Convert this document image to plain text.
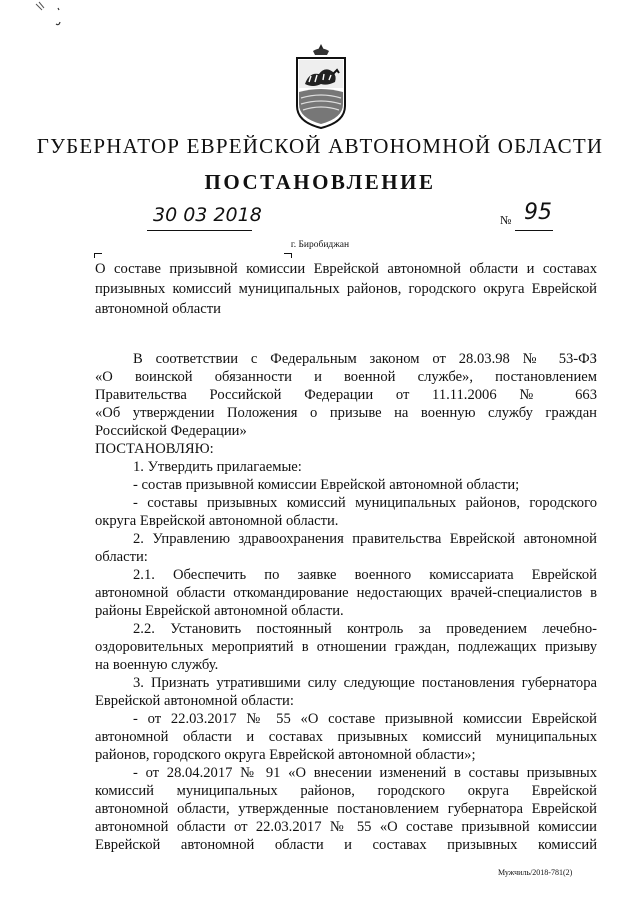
ГУБЕРНАТОР ЕВРЕЙСКОЙ АВТОНОМНОЙ ОБЛАСТИ
ПОСТАНОВЛЕНИЕ
30 03 2018	№ 95
г. Биробиджан
О составе призывной комиссии Еврейской автономной области и составах
призывных комиссий муниципальных районов, городского округа Еврейской
автономной области
В соответствии с Федеральным законом от 28.03.98 № 53-ФЗ
«О воинской обязанности и военной службе», постановлением
Правительства Российской Федерации от 11.11.2006 № 663
«Об утверждении Положения о призыве на военную службу граждан
Российской Федерации»
ПОСТАНОВЛЯЮ:
1. Утвердить прилагаемые:
- состав призывной комиссии Еврейской автономной области;
- составы призывных комиссий муниципальных районов, городского
округа Еврейской автономной области.
2. Управлению здравоохранения правительства Еврейской автономной
области:
2.1. Обеспечить по заявке военного комиссариата Еврейской
автономной области откомандирование недостающих врачей-специалистов в
районы Еврейской автономной области.
2.2. Установить постоянный контроль за проведением лечебно-
оздоровительных мероприятий в отношении граждан, подлежащих призыву
на военную службу.
3. Признать утратившими силу следующие постановления губернатора
Еврейской автономной области:
- от 22.03.2017 № 55 «О составе призывной комиссии Еврейской
автономной области и составах призывных комиссий муниципальных
районов, городского округа Еврейской автономной области»;
- от 28.04.2017 № 91 «О внесении изменений в составы призывных
комиссий муниципальных районов, городского округа Еврейской
автономной области, утвержденные постановлением губернатора Еврейской
автономной области от 22.03.2017 № 55 «О составе призывной комиссии
Еврейской автономной области и составах призывных комиссий
Мужчиль/2018-781(2)
